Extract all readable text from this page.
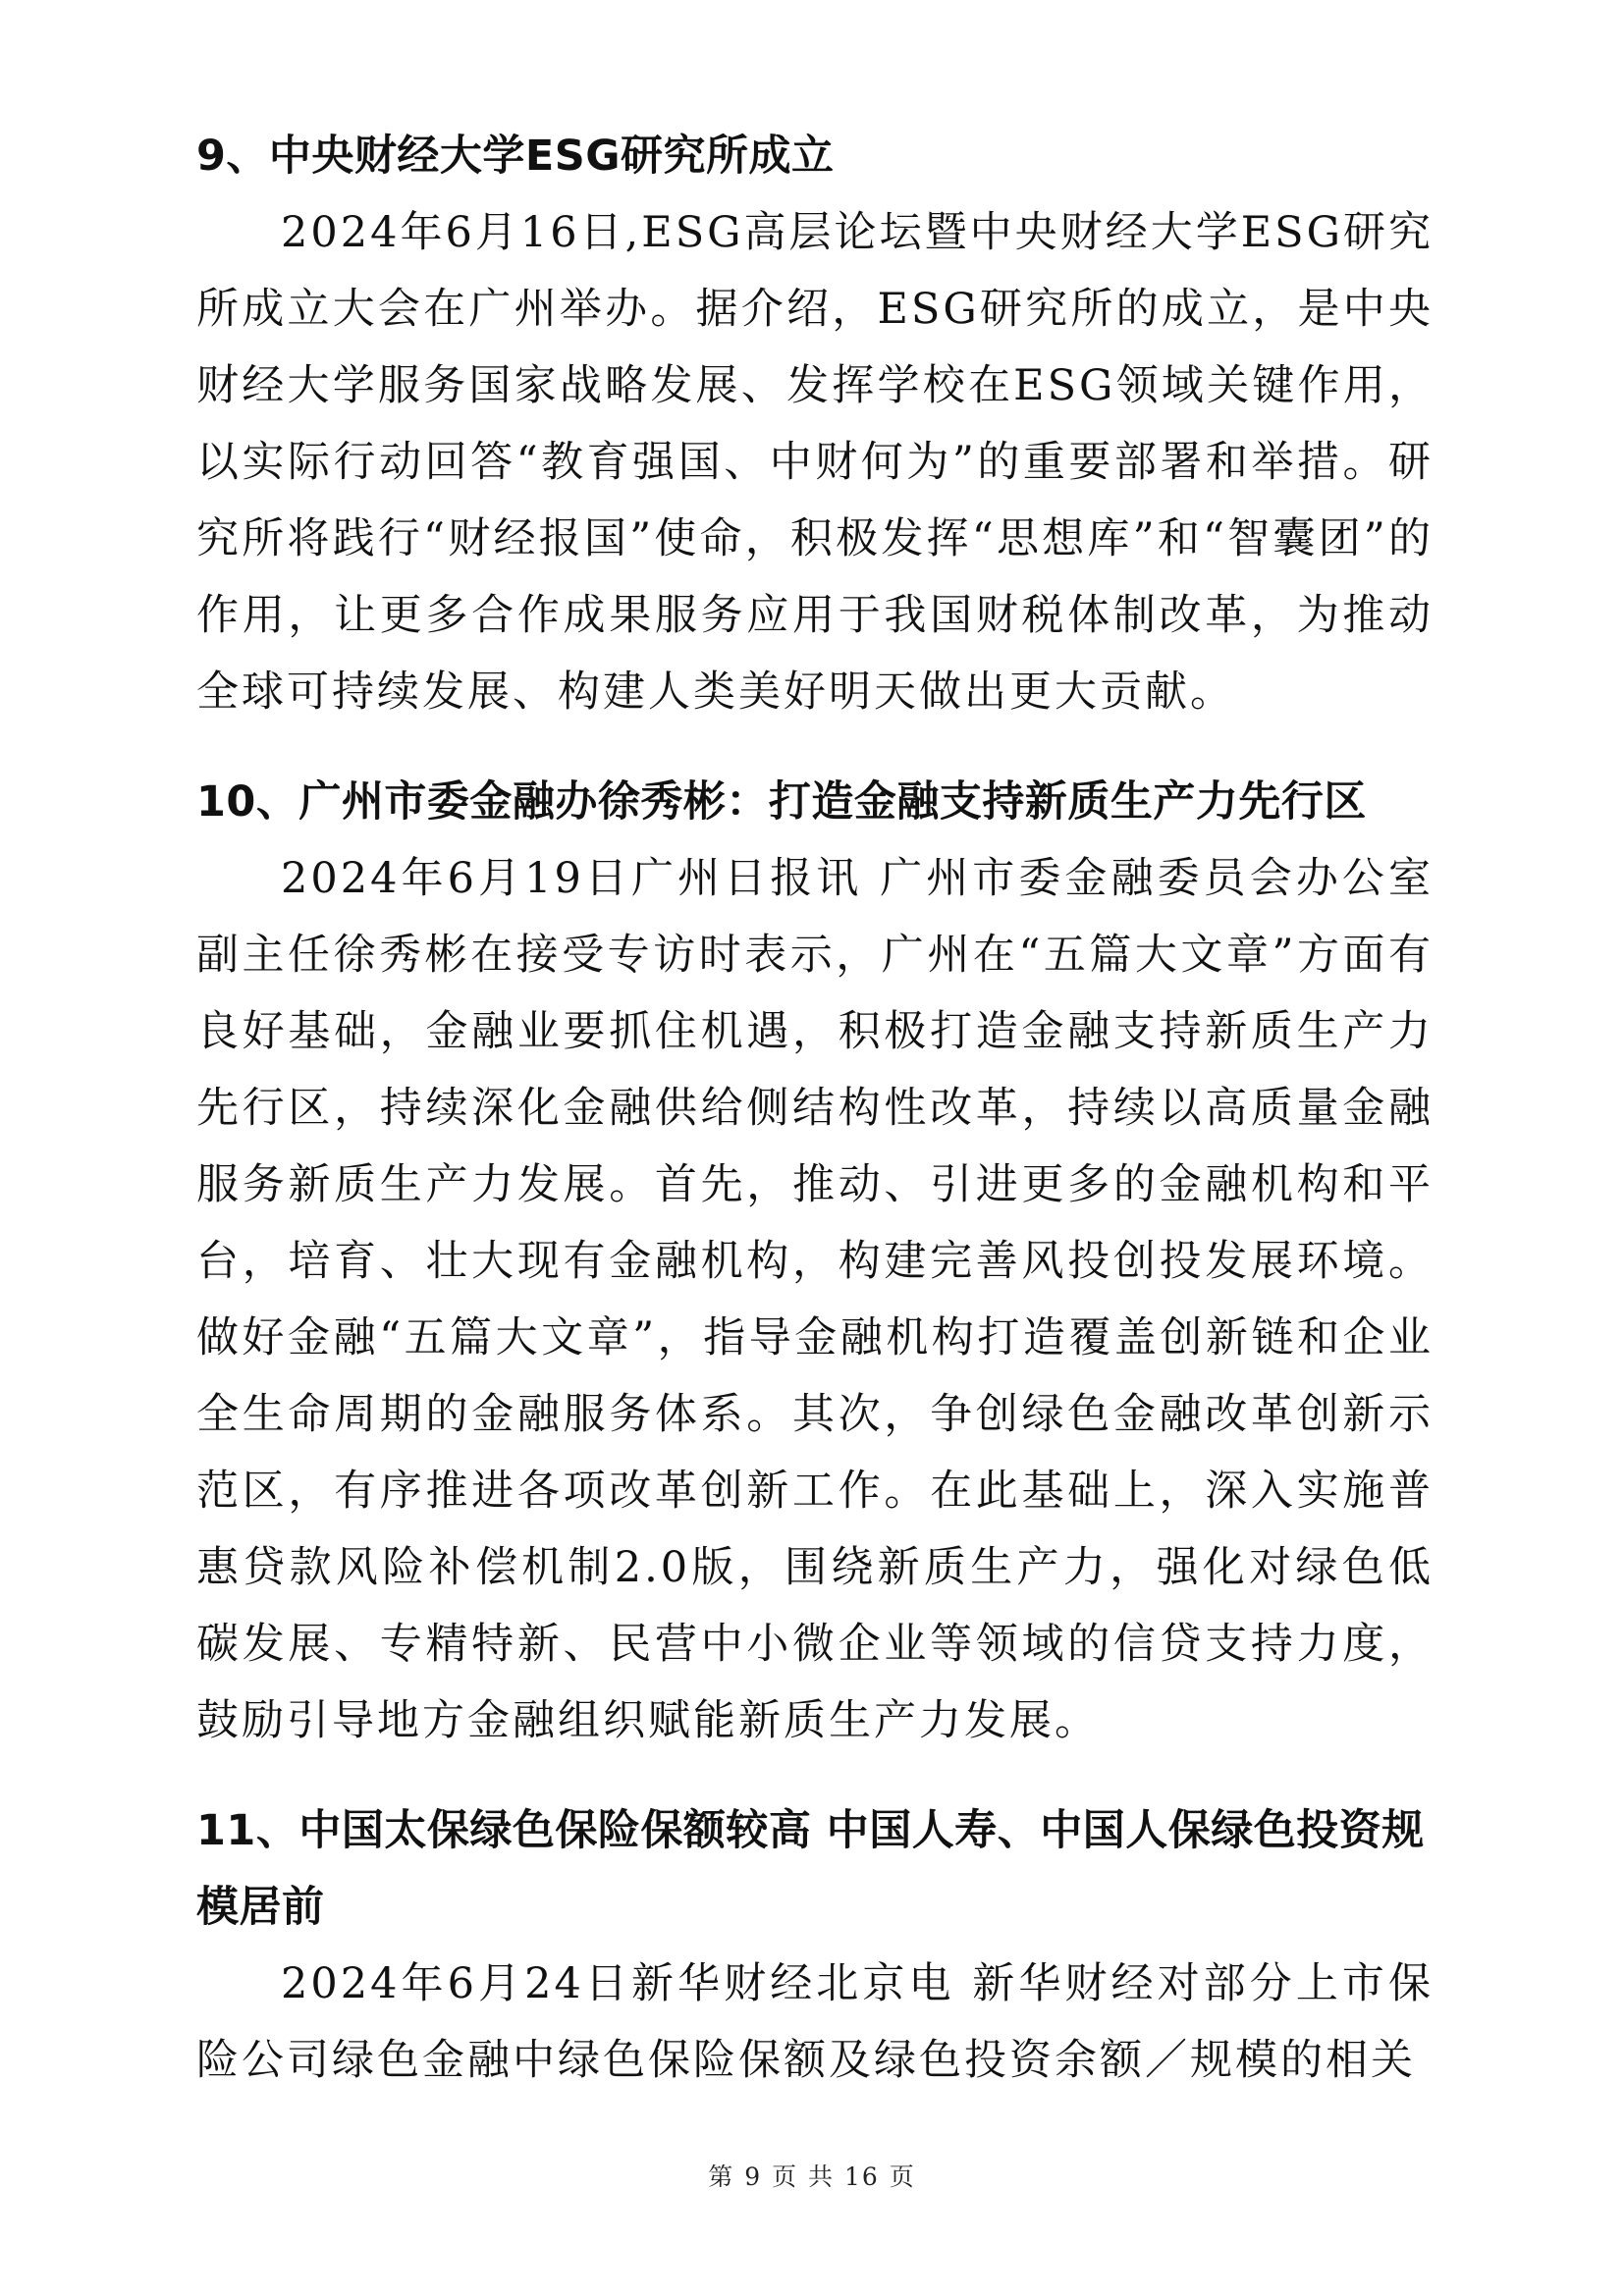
9、中央财经大学ESG研究所成立

2024年6月16日,ESG高层论坛暨中央财经大学ESG研究所成立大会在广州举办。据介绍，ESG研究所的成立，是中央财经大学服务国家战略发展、发挥学校在ESG领域关键作用，以实际行动回答“教育强国、中财何为”的重要部署和举措。研究所将践行“财经报国”使命，积极发挥“思想库”和“智囊团”的作用，让更多合作成果服务应用于我国财税体制改革，为推动全球可持续发展、构建人类美好明天做出更大贡献。

10、广州市委金融办徐秀彬：打造金融支持新质生产力先行区

2024年6月19日广州日报讯 广州市委金融委员会办公室副主任徐秀彬在接受专访时表示，广州在“五篇大文章”方面有良好基础，金融业要抓住机遇，积极打造金融支持新质生产力先行区，持续深化金融供给侧结构性改革，持续以高质量金融服务新质生产力发展。首先，推动、引进更多的金融机构和平台，培育、壮大现有金融机构，构建完善风投创投发展环境。做好金融“五篇大文章”，指导金融机构打造覆盖创新链和企业全生命周期的金融服务体系。其次，争创绿色金融改革创新示范区，有序推进各项改革创新工作。在此基础上，深入实施普惠贷款风险补偿机制2.0版，围绕新质生产力，强化对绿色低碳发展、专精特新、民营中小微企业等领域的信贷支持力度，鼓励引导地方金融组织赋能新质生产力发展。

11、中国太保绿色保险保额较高 中国人寿、中国人保绿色投资规模居前

2024年6月24日新华财经北京电 新华财经对部分上市保险公司绿色金融中绿色保险保额及绿色投资余额／规模的相关

第 9 页 共 16 页
